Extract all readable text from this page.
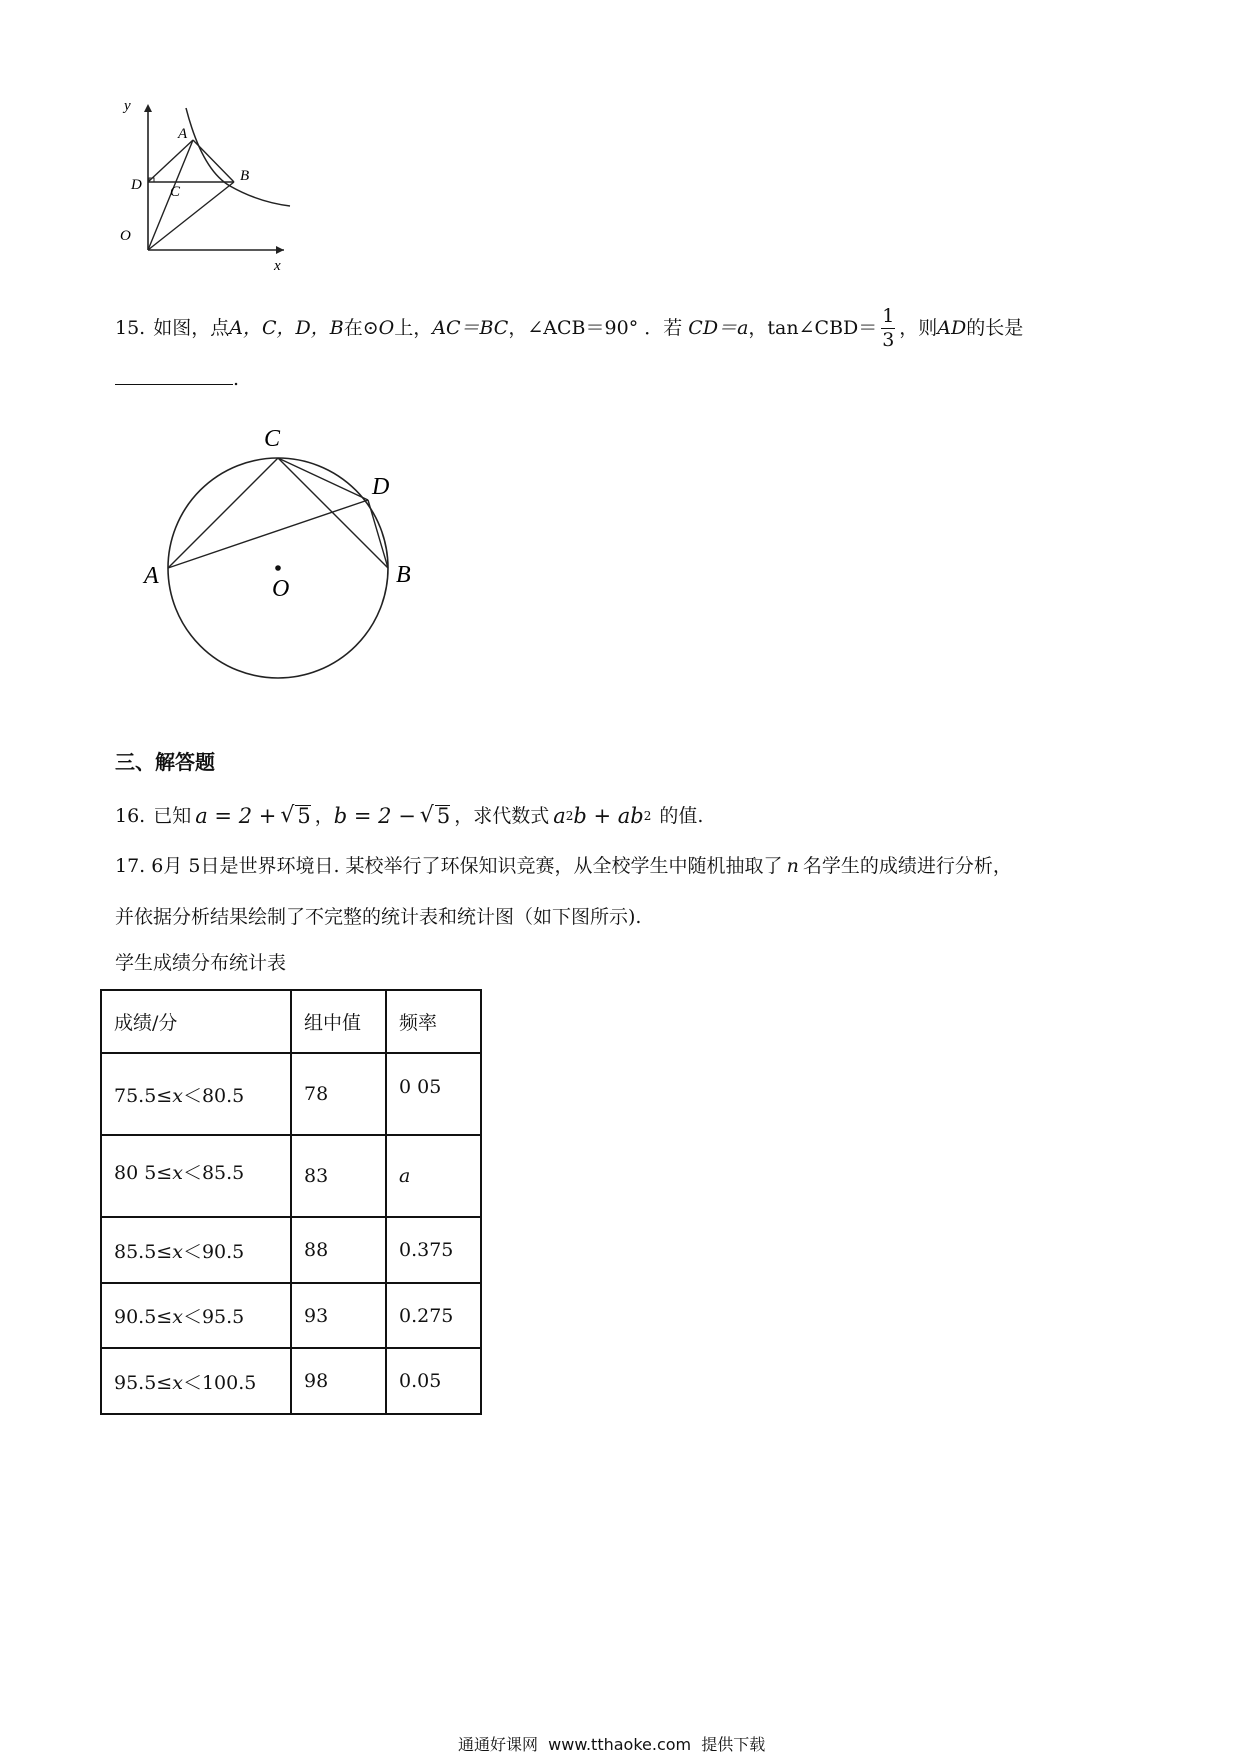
y
x
O
A
B
C
D
15. 如图，点 A，C，D，B 在 ⊙O 上， AC＝BC ， ∠ACB＝90° ．若 CD＝a ， tan∠CBD＝ $\frac{1}{3}$ ，则 AD 的长是
.
A	B
C
D
O
三、解答题
16. 已知 a = 2 + √ 5 ， b = 2 − √ 5 ，求代数式 a 2 b + ab 2 的值.
17. 6月 5日是世界环境日. 某校举行了环保知识竞赛，从全校学生中随机抽取了 n 名学生的成绩进行分析，
并依据分析结果绘制了不完整的统计表和统计图（如下图所示).
学生成绩分布统计表
成绩/分	组中值	频率
75.5≤x＜80.5	78	0 05
80 5≤x＜85.5	83	a
85.5≤x＜90.5	88	0.375
90.5≤x＜95.5	93	0.275
95.5≤x＜100.5	98	0.05
通通好课网  www.tthaoke.com  提供下载
